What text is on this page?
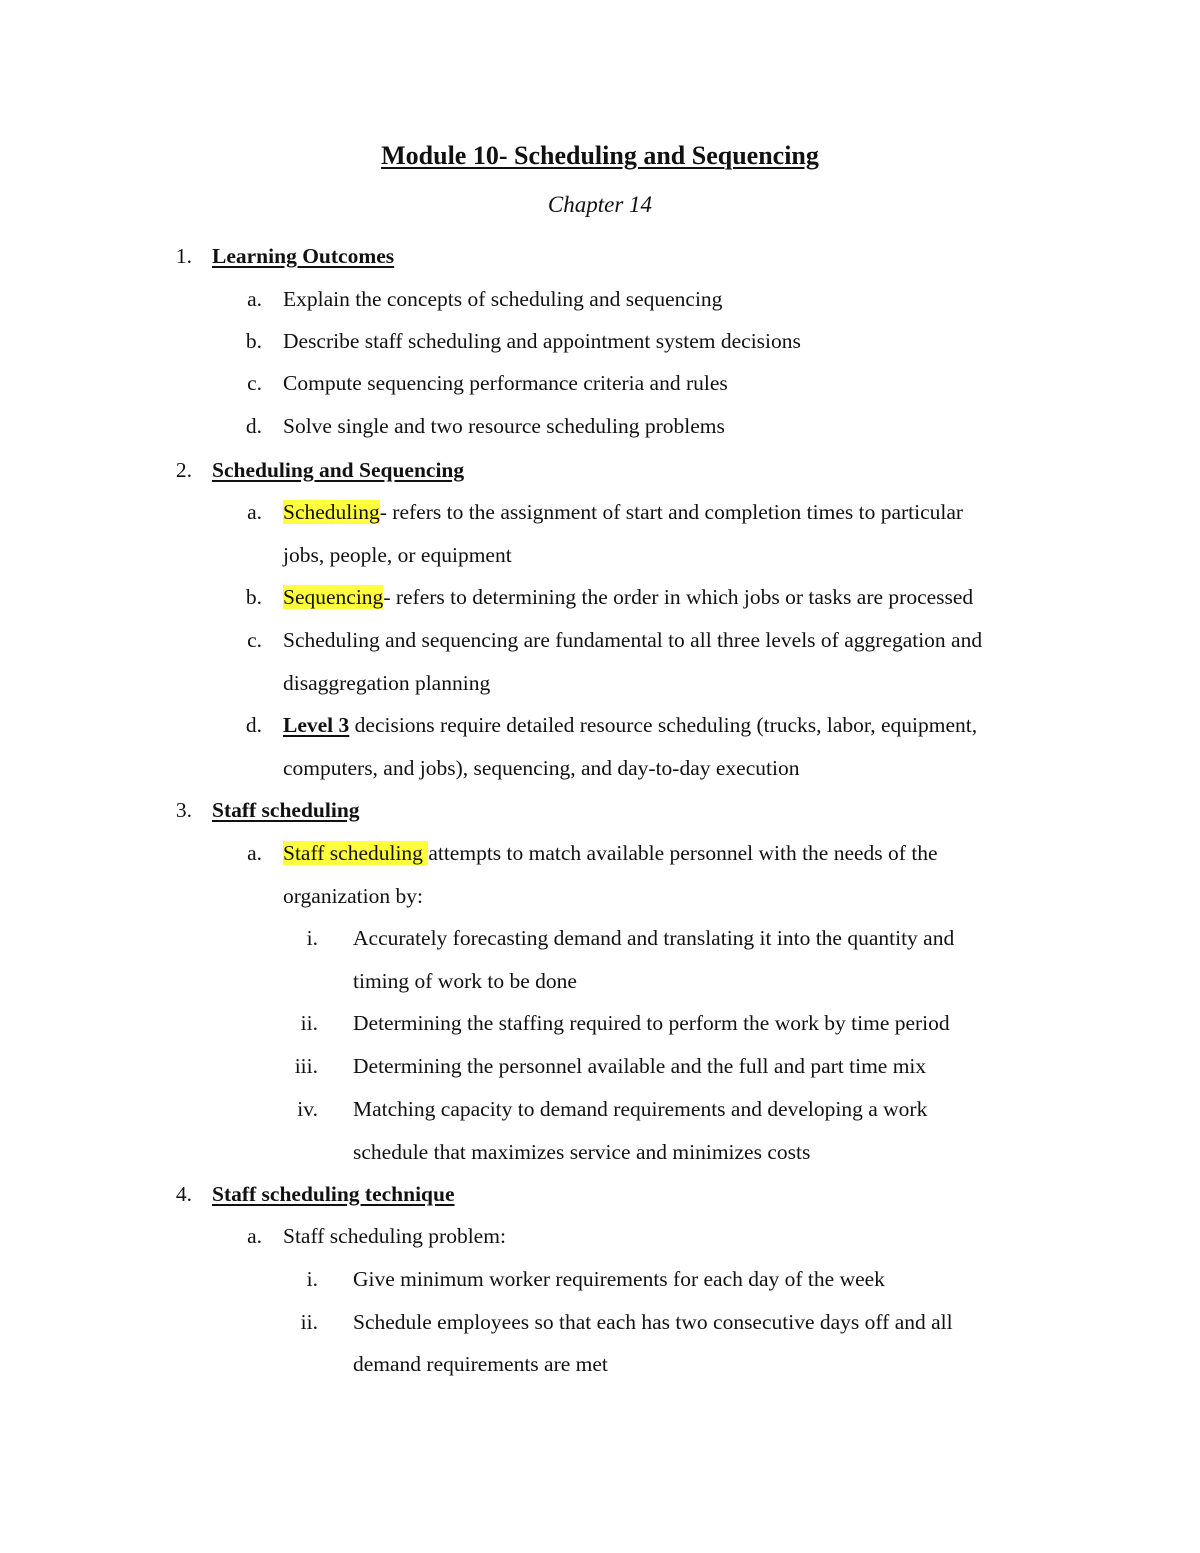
Module 10- Scheduling and Sequencing
Chapter 14
1. Learning Outcomes
a. Explain the concepts of scheduling and sequencing
b. Describe staff scheduling and appointment system decisions
c. Compute sequencing performance criteria and rules
d. Solve single and two resource scheduling problems
2. Scheduling and Sequencing
a. Scheduling- refers to the assignment of start and completion times to particular
jobs, people, or equipment
b. Sequencing- refers to determining the order in which jobs or tasks are processed
c. Scheduling and sequencing are fundamental to all three levels of aggregation and
disaggregation planning
d. Level 3 decisions require detailed resource scheduling (trucks, labor, equipment,
computers, and jobs), sequencing, and day-to-day execution
3. Staff scheduling
a. Staff scheduling attempts to match available personnel with the needs of the
organization by:
i. Accurately forecasting demand and translating it into the quantity and
timing of work to be done
ii. Determining the staffing required to perform the work by time period
iii. Determining the personnel available and the full and part time mix
iv. Matching capacity to demand requirements and developing a work
schedule that maximizes service and minimizes costs
4. Staff scheduling technique
a. Staff scheduling problem:
i. Give minimum worker requirements for each day of the week
ii. Schedule employees so that each has two consecutive days off and all
demand requirements are met
